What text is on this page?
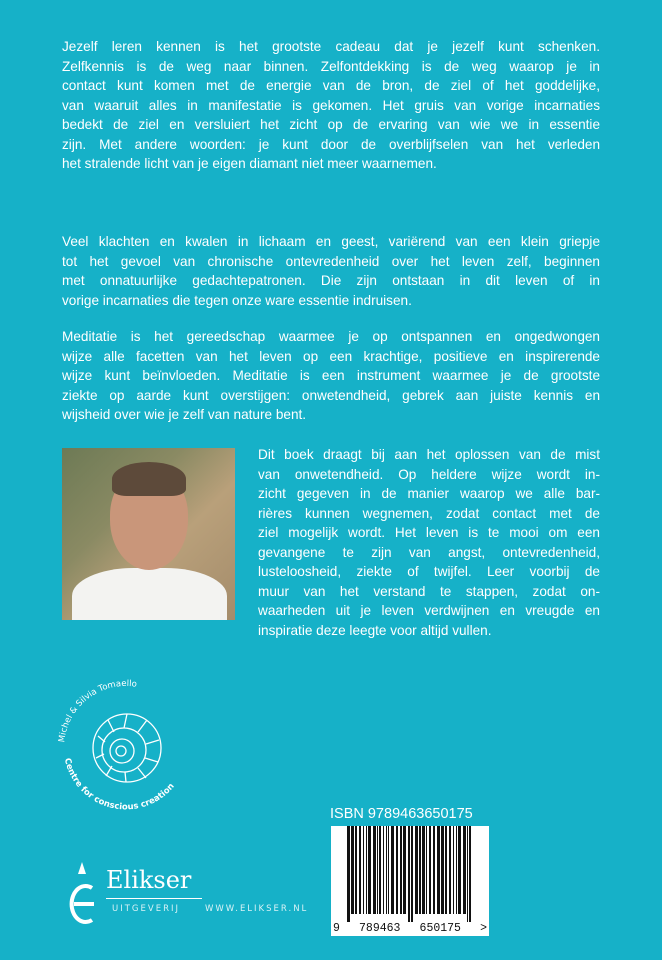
Jezelf leren kennen is het grootste cadeau dat je jezelf kunt schenken.
Zelfkennis is de weg naar binnen. Zelfontdekking is de weg waarop je in
contact kunt komen met de energie van de bron, de ziel of het goddelijke,
van waaruit alles in manifestatie is gekomen. Het gruis van vorige incarnaties
bedekt de ziel en versluiert het zicht op de ervaring van wie we in essentie
zijn. Met andere woorden: je kunt door de overblijfselen van het verleden
het stralende licht van je eigen diamant niet meer waarnemen.
Veel klachten en kwalen in lichaam en geest, variërend van een klein griepje
tot het gevoel van chronische ontevredenheid over het leven zelf, beginnen
met onnatuurlijke gedachtepatronen. Die zijn ontstaan in dit leven of in
vorige incarnaties die tegen onze ware essentie indruisen.
Meditatie is het gereedschap waarmee je op ontspannen en ongedwongen
wijze alle facetten van het leven op een krachtige, positieve en inspirerende
wijze kunt beïnvloeden. Meditatie is een instrument waarmee je de grootste
ziekte op aarde kunt overstijgen: onwetendheid, gebrek aan juiste kennis en
wijsheid over wie je zelf van nature bent.
Dit boek draagt bij aan het oplossen van de mist
van onwetendheid. Op heldere wijze wordt in-
zicht gegeven in de manier waarop we alle bar-
rières kunnen wegnemen, zodat contact met de
ziel mogelijk wordt. Het leven is te mooi om een
gevangene te zijn van angst, ontevredenheid,
lusteloosheid, ziekte of twijfel. Leer voorbij de
muur van het verstand te stappen, zodat on-
waarheden uit je leven verdwijnen en vreugde en
inspiratie deze leegte voor altijd vullen.
Michel & Silvia Tomaello
Centre for conscious creation
Elikser
UITGEVERIJ	WWW.ELIKSER.NL
ISBN 9789463650175
9 789463 650175 >
